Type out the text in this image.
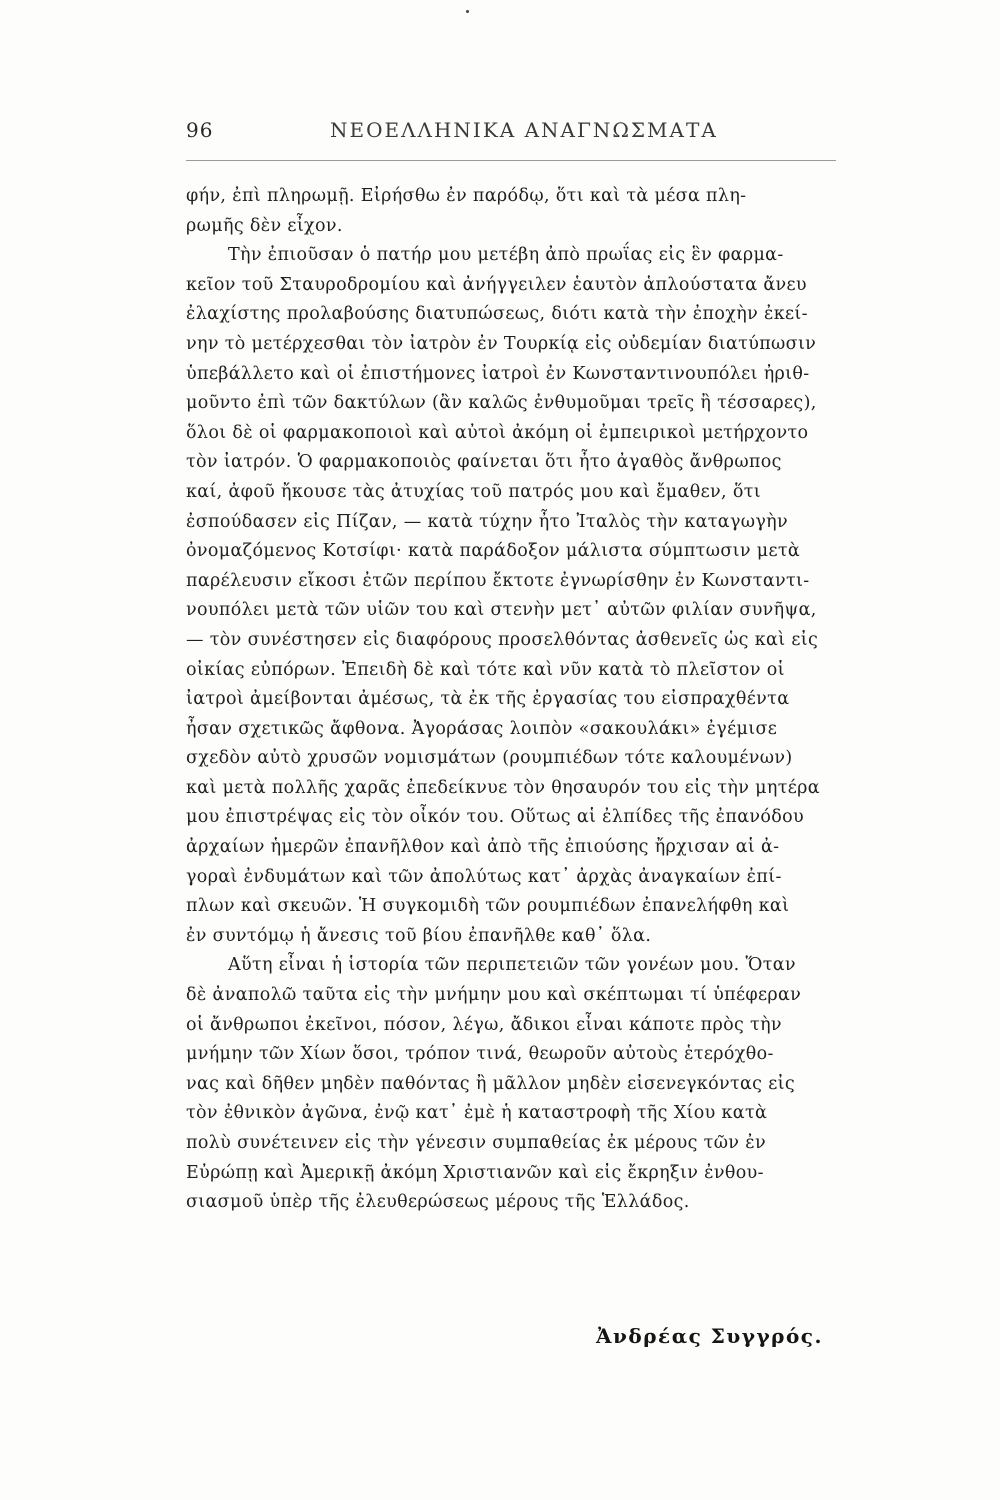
96	ΝΕΟΕΛΛΗΝΙΚΑ ΑΝΑΓΝΩΣΜΑΤΑ
φήν, ἐπὶ πληρωμῇ. Εἰρήσθω ἐν παρόδῳ, ὅτι καὶ τὰ μέσα πλη-
ρωμῆς δὲν εἶχον.
Τὴν ἐπιοῦσαν ὁ πατήρ μου μετέβη ἀπὸ πρωΐας εἰς ἓν φαρμα-
κεῖον τοῦ Σταυροδρομίου καὶ ἀνήγγειλεν ἑαυτὸν ἁπλούστατα ἄνευ
ἐλαχίστης προλαβούσης διατυπώσεως, διότι κατὰ τὴν ἐποχὴν ἐκεί-
νην τὸ μετέρχεσθαι τὸν ἰατρὸν ἐν Τουρκίᾳ εἰς οὐδεμίαν διατύπωσιν
ὑπεβάλλετο καὶ οἱ ἐπιστήμονες ἰατροὶ ἐν Κωνσταντινουπόλει ἠριθ-
μοῦντο ἐπὶ τῶν δακτύλων (ἂν καλῶς ἐνθυμοῦμαι τρεῖς ἢ τέσσαρες),
ὅλοι δὲ οἱ φαρμακοποιοὶ καὶ αὐτοὶ ἀκόμη οἱ ἐμπειρικοὶ μετήρχοντο
τὸν ἰατρόν. Ὁ φαρμακοποιὸς φαίνεται ὅτι ἦτο ἀγαθὸς ἄνθρωπος
καί, ἀφοῦ ἤκουσε τὰς ἀτυχίας τοῦ πατρός μου καὶ ἔμαθεν, ὅτι
ἐσπούδασεν εἰς Πίζαν, — κατὰ τύχην ἦτο Ἰταλὸς τὴν καταγωγὴν
ὀνομαζόμενος Κοτσίφι· κατὰ παράδοξον μάλιστα σύμπτωσιν μετὰ
παρέλευσιν εἴκοσι ἐτῶν περίπου ἔκτοτε ἐγνωρίσθην ἐν Κωνσταντι-
νουπόλει μετὰ τῶν υἱῶν του καὶ στενὴν μετ᾽ αὐτῶν φιλίαν συνῆψα,
— τὸν συνέστησεν εἰς διαφόρους προσελθόντας ἀσθενεῖς ὡς καὶ εἰς
οἰκίας εὐπόρων. Ἐπειδὴ δὲ καὶ τότε καὶ νῦν κατὰ τὸ πλεῖστον οἱ
ἰατροὶ ἀμείβονται ἀμέσως, τὰ ἐκ τῆς ἐργασίας του εἰσπραχθέντα
ἦσαν σχετικῶς ἄφθονα. Ἀγοράσας λοιπὸν «σακουλάκι» ἐγέμισε
σχεδὸν αὐτὸ χρυσῶν νομισμάτων (ρουμπιέδων τότε καλουμένων)
καὶ μετὰ πολλῆς χαρᾶς ἐπεδείκνυε τὸν θησαυρόν του εἰς τὴν μητέρα
μου ἐπιστρέψας εἰς τὸν οἶκόν του. Οὕτως αἱ ἐλπίδες τῆς ἐπανόδου
ἀρχαίων ἡμερῶν ἐπανῆλθον καὶ ἀπὸ τῆς ἐπιούσης ἤρχισαν αἱ ἀ-
γοραὶ ἐνδυμάτων καὶ τῶν ἀπολύτως κατ᾽ ἀρχὰς ἀναγκαίων ἐπί-
πλων καὶ σκευῶν. Ἡ συγκομιδὴ τῶν ρουμπιέδων ἐπανελήφθη καὶ
ἐν συντόμῳ ἡ ἄνεσις τοῦ βίου ἐπανῆλθε καθ᾽ ὅλα.
Αὕτη εἶναι ἡ ἱστορία τῶν περιπετειῶν τῶν γονέων μου. Ὅταν
δὲ ἀναπολῶ ταῦτα εἰς τὴν μνήμην μου καὶ σκέπτωμαι τί ὑπέφεραν
οἱ ἄνθρωποι ἐκεῖνοι, πόσον, λέγω, ἄδικοι εἶναι κάποτε πρὸς τὴν
μνήμην τῶν Χίων ὅσοι, τρόπον τινά, θεωροῦν αὐτοὺς ἑτερόχθο-
νας καὶ δῆθεν μηδὲν παθόντας ἢ μᾶλλον μηδὲν εἰσενεγκόντας εἰς
τὸν ἐθνικὸν ἀγῶνα, ἐνῷ κατ᾽ ἐμὲ ἡ καταστροφὴ τῆς Χίου κατὰ
πολὺ συνέτεινεν εἰς τὴν γένεσιν συμπαθείας ἐκ μέρους τῶν ἐν
Εὐρώπῃ καὶ Ἀμερικῇ ἀκόμη Χριστιανῶν καὶ εἰς ἔκρηξιν ἐνθου-
σιασμοῦ ὑπὲρ τῆς ἐλευθερώσεως μέρους τῆς Ἑλλάδος.
Ἀνδρέας Συγγρός.
